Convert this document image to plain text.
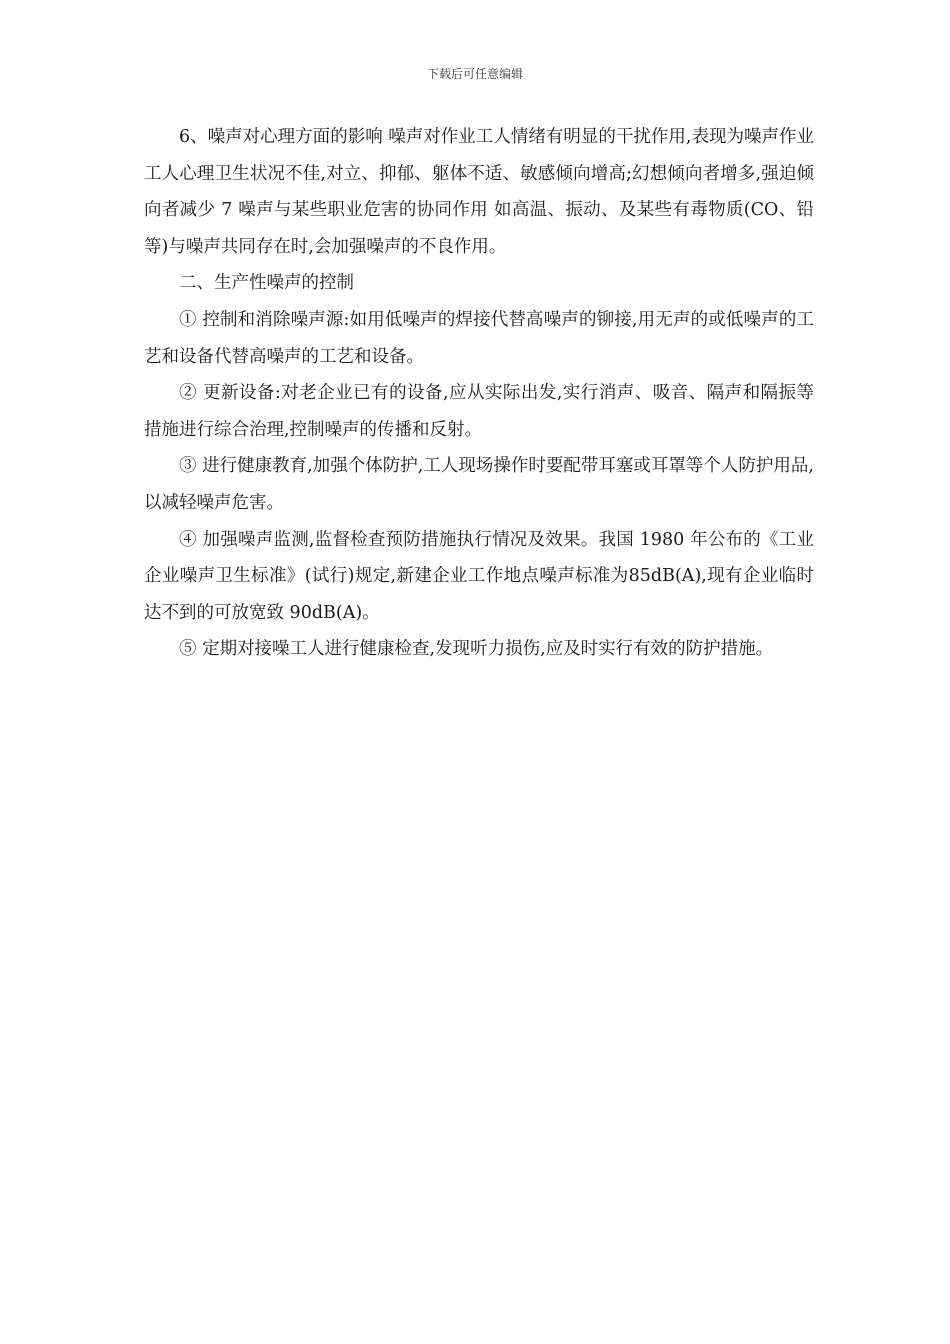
下载后可任意编辑

6、噪声对心理方面的影响 噪声对作业工人情绪有明显的干扰作用,表现为噪声作业工人心理卫生状况不佳,对立、抑郁、躯体不适、敏感倾向增高;幻想倾向者增多,强迫倾向者减少 7 噪声与某些职业危害的协同作用 如高温、振动、及某些有毒物质(CO、铅等)与噪声共同存在时,会加强噪声的不良作用。

二、生产性噪声的控制

① 控制和消除噪声源:如用低噪声的焊接代替高噪声的铆接,用无声的或低噪声的工艺和设备代替高噪声的工艺和设备。

② 更新设备:对老企业已有的设备,应从实际出发,实行消声、吸音、隔声和隔振等措施进行综合治理,控制噪声的传播和反射。

③ 进行健康教育,加强个体防护,工人现场操作时要配带耳塞或耳罩等个人防护用品,以减轻噪声危害。

④ 加强噪声监测,监督检查预防措施执行情况及效果。我国 1980 年公布的《工业企业噪声卫生标准》(试行)规定,新建企业工作地点噪声标准为85dB(A),现有企业临时达不到的可放宽致 90dB(A)。

⑤ 定期对接噪工人进行健康检查,发现听力损伤,应及时实行有效的防护措施。
